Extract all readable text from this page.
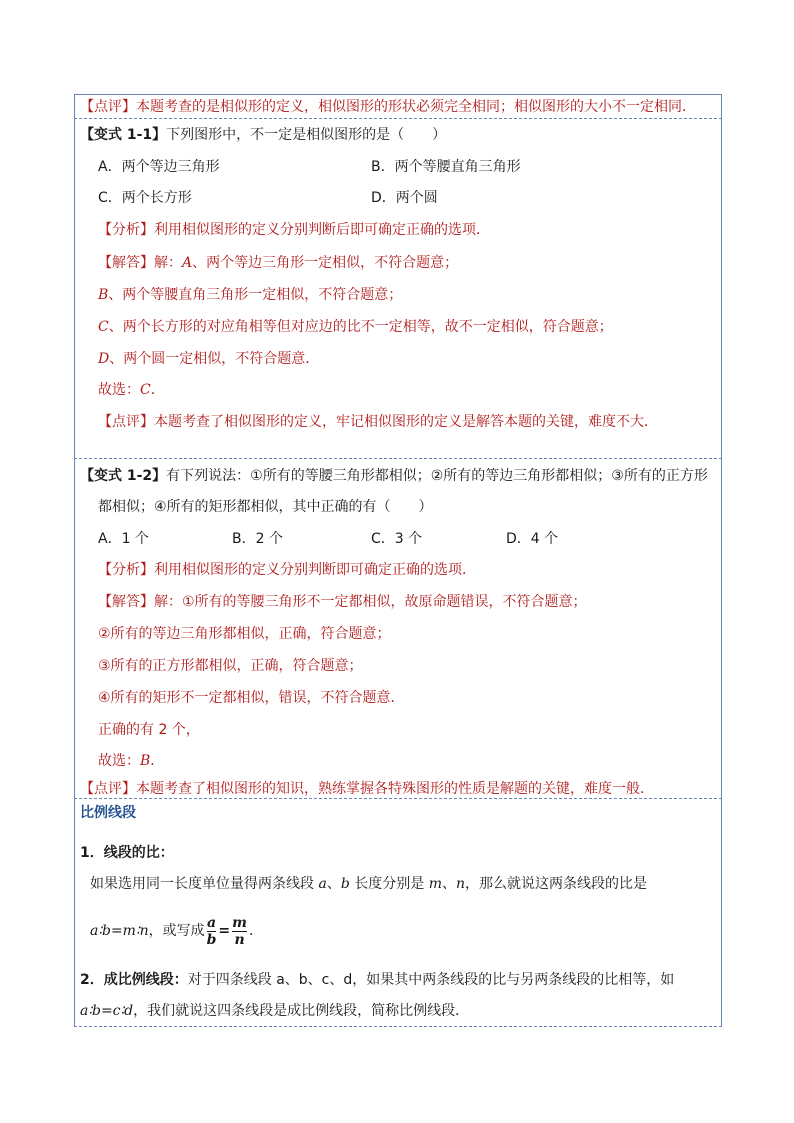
【点评】本题考查的是相似形的定义，相似图形的形状必须完全相同；相似图形的大小不一定相同．
【变式 1-1】下列图形中，不一定是相似图形的是（　　）
A．两个等边三角形	B．两个等腰直角三角形
C．两个长方形	D．两个圆
【分析】利用相似图形的定义分别判断后即可确定正确的选项．
【解答】解：A、两个等边三角形一定相似，不符合题意；
B、两个等腰直角三角形一定相似，不符合题意；
C、两个长方形的对应角相等但对应边的比不一定相等，故不一定相似，符合题意；
D、两个圆一定相似，不符合题意．
故选：C．
【点评】本题考查了相似图形的定义，牢记相似图形的定义是解答本题的关键，难度不大．
【变式 1-2】有下列说法：①所有的等腰三角形都相似；②所有的等边三角形都相似；③所有的正方形
都相似；④所有的矩形都相似，其中正确的有（　　）
A．1 个	B．2 个	C．3 个	D．4 个
【分析】利用相似图形的定义分别判断即可确定正确的选项．
【解答】解：①所有的等腰三角形不一定都相似，故原命题错误，不符合题意；
②所有的等边三角形都相似，正确，符合题意；
③所有的正方形都相似，正确，符合题意；
④所有的矩形不一定都相似，错误，不符合题意．
正确的有 2 个，
故选：B．
【点评】本题考查了相似图形的知识，熟练掌握各特殊图形的性质是解题的关键，难度一般．
比例线段
1．线段的比：
如果选用同一长度单位量得两条线段 a、b 长度分别是 m、n，那么就说这两条线段的比是
a∶b=m∶n，或写成 $\frac{a}{b} = \frac{m}{n}$ ．
2．成比例线段：对于四条线段 a、b、c、d，如果其中两条线段的比与另两条线段的比相等，如
a∶b=c∶d，我们就说这四条线段是成比例线段，简称比例线段．
